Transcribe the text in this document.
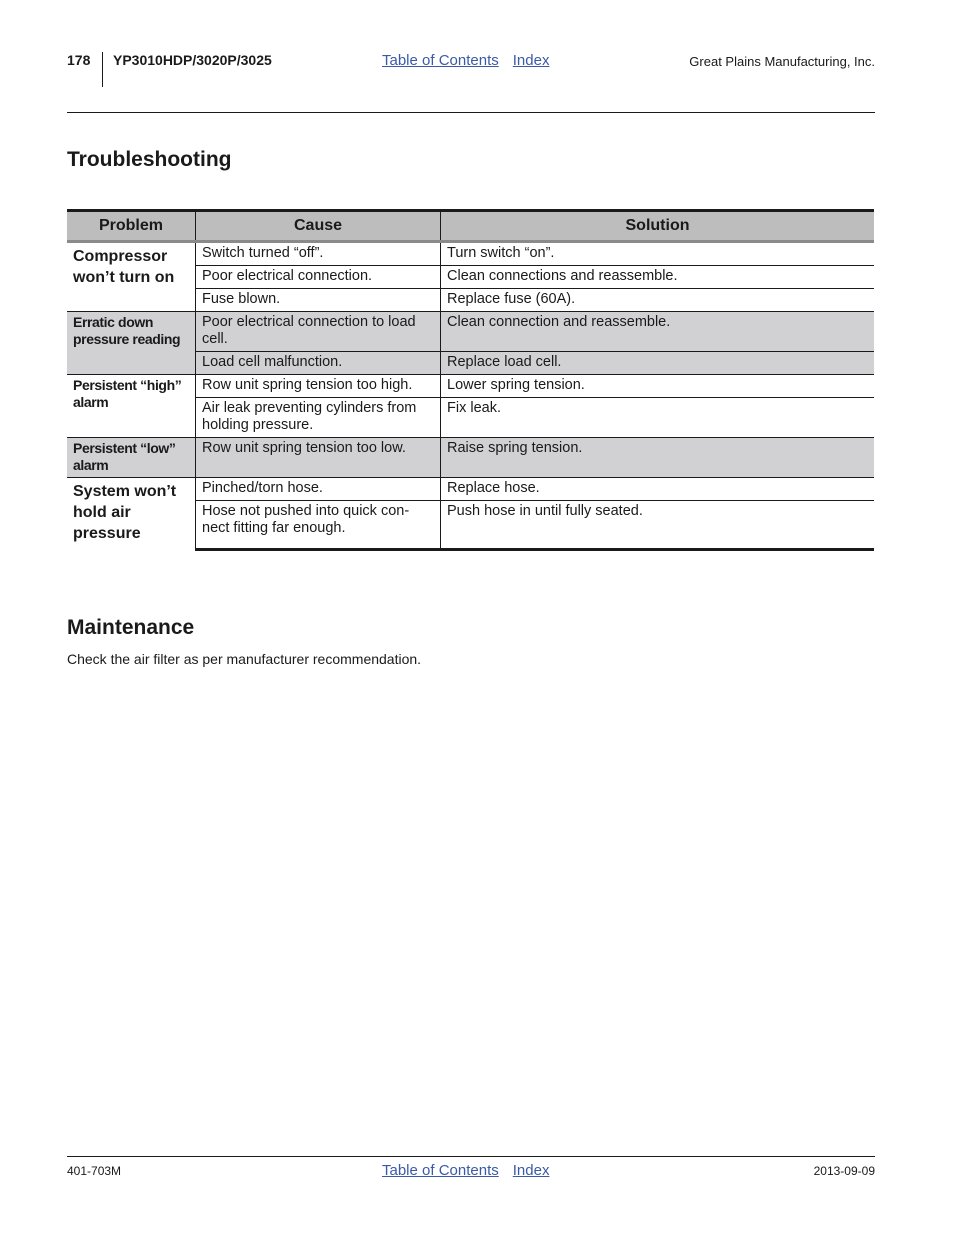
178 YP3010HDP/3020P/3025	Table of Contents Index	Great Plains Manufacturing, Inc.
Troubleshooting
Problem	Cause	Solution
Compressor won’t turn on	Switch turned “off”.	Turn switch “on”.
	Poor electrical connection.	Clean connections and reassemble.
	Fuse blown.	Replace fuse (60A).
Erratic down pressure reading	Poor electrical connection to load cell.	Clean connection and reassemble.
	Load cell malfunction.	Replace load cell.
Persistent “high” alarm	Row unit spring tension too high.	Lower spring tension.
	Air leak preventing cylinders from holding pressure.	Fix leak.
Persistent “low” alarm	Row unit spring tension too low.	Raise spring tension.
System won’t hold air pressure	Pinched/torn hose.	Replace hose.
	Hose not pushed into quick con-nect fitting far enough.	Push hose in until fully seated.
Maintenance
Check the air filter as per manufacturer recommendation.
401-703M	Table of Contents Index	2013-09-09
